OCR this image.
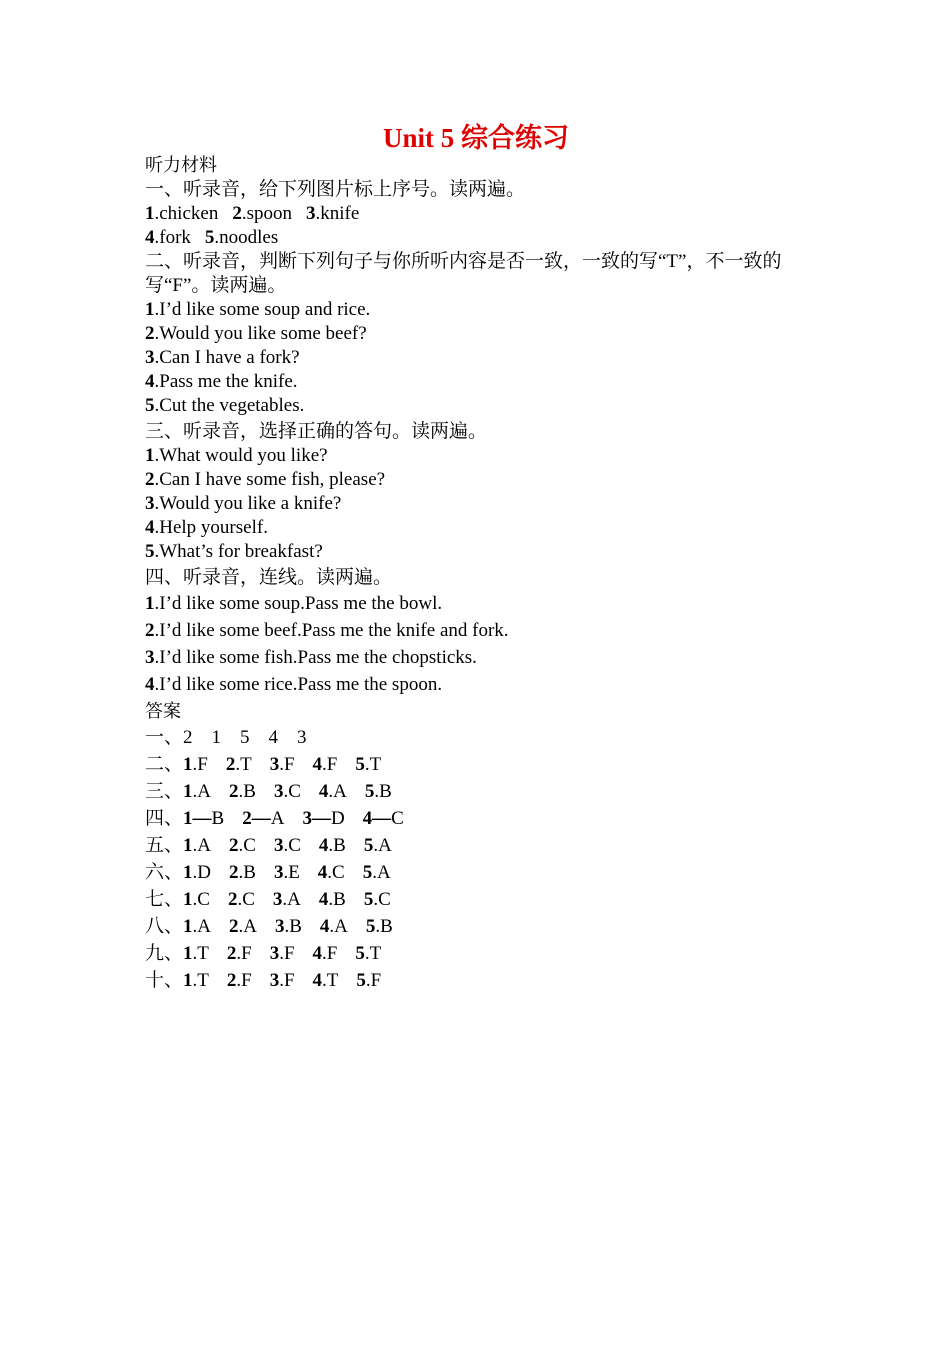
Unit 5 综合练习
听力材料
一、听录音，给下列图片标上序号。读两遍。
1.chicken 2.spoon 3.knife
4.fork 5.noodles
二、听录音，判断下列句子与你所听内容是否一致，一致的写“T”，不一致的写“F”。读两遍。
1.I’d like some soup and rice.
2.Would you like some beef?
3.Can I have a fork?
4.Pass me the knife.
5.Cut the vegetables.
三、听录音，选择正确的答句。读两遍。
1.What would you like?
2.Can I have some fish, please?
3.Would you like a knife?
4.Help yourself.
5.What’s for breakfast?
四、听录音，连线。读两遍。
1.I’d like some soup.Pass me the bowl.
2.I’d like some beef.Pass me the knife and fork.
3.I’d like some fish.Pass me the chopsticks.
4.I’d like some rice.Pass me the spoon.
答案
一、2　1　5　4　3
二、1.F 2.T 3.F 4.F 5.T
三、1.A 2.B 3.C 4.A 5.B
四、1—B 2—A 3—D 4—C
五、1.A 2.C 3.C 4.B 5.A
六、1.D 2.B 3.E 4.C 5.A
七、1.C 2.C 3.A 4.B 5.C
八、1.A 2.A 3.B 4.A 5.B
九、1.T 2.F 3.F 4.F 5.T
十、1.T 2.F 3.F 4.T 5.F
